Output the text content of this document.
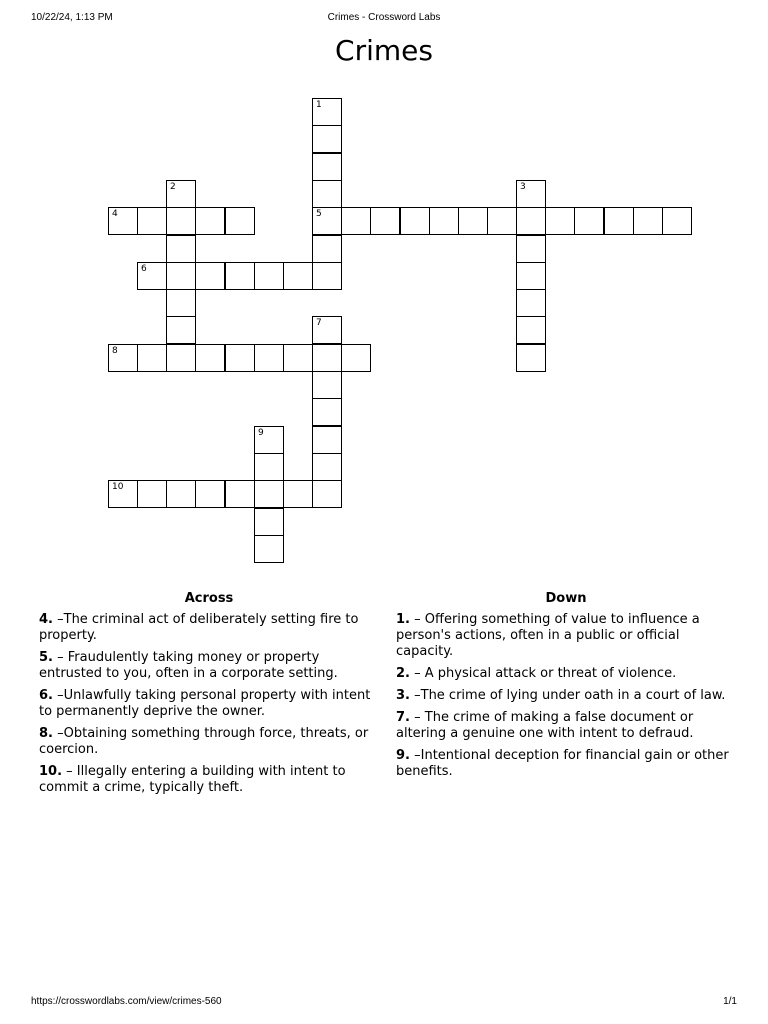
10/22/24, 1:13 PM	Crimes - Crossword Labs
Crimes
1
5
2	3
4
6
7
8
9
10
Across
4. –The criminal act of deliberately setting fire to property.
5. – Fraudulently taking money or property entrusted to you, often in a corporate setting.
6. –Unlawfully taking personal property with intent to permanently deprive the owner.
8. –Obtaining something through force, threats, or coercion.
10. – Illegally entering a building with intent to commit a crime, typically theft.
Down
1. – Offering something of value to influence a person's actions, often in a public or official capacity.
2. – A physical attack or threat of violence.
3. –The crime of lying under oath in a court of law.
7. – The crime of making a false document or altering a genuine one with intent to defraud.
9. –Intentional deception for financial gain or other benefits.
https://crosswordlabs.com/view/crimes-560	1/1
